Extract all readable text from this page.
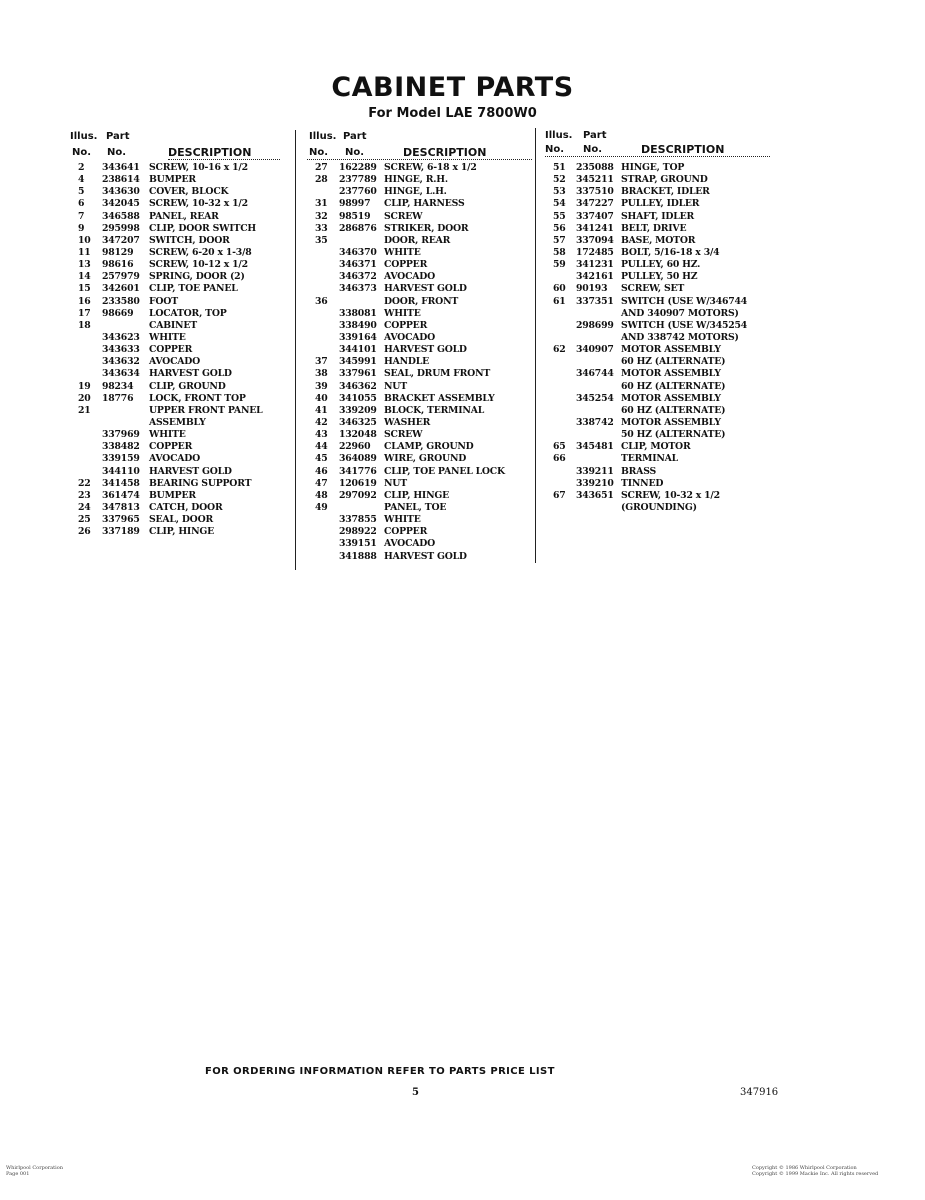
CABINET PARTS
For Model LAE 7800W0
Illus. Part
No. No.	DESCRIPTION
2 343641 SCREW, 10-16 x 1/2
4 238614 BUMPER
5 343630 COVER, BLOCK
6 342045 SCREW, 10-32 x 1/2
7 346588 PANEL, REAR
9 295998 CLIP, DOOR SWITCH
10 347207 SWITCH, DOOR
11 98129 SCREW, 6-20 x 1-3/8
13 98616 SCREW, 10-12 x 1/2
14 257979 SPRING, DOOR (2)
15 342601 CLIP, TOE PANEL
16 233580 FOOT
17 98669 LOCATOR, TOP
18	CABINET
343623 WHITE
343633 COPPER
343632 AVOCADO
343634 HARVEST GOLD
19 98234 CLIP, GROUND
20 18776 LOCK, FRONT TOP
21	UPPER FRONT PANEL
ASSEMBLY
337969 WHITE
338482 COPPER
339159 AVOCADO
344110 HARVEST GOLD
22 341458 BEARING SUPPORT
23 361474 BUMPER
24 347813 CATCH, DOOR
25 337965 SEAL, DOOR
26 337189 CLIP, HINGE
Illus. Part
No. No.	DESCRIPTION
27 162289 SCREW, 6-18 x 1/2
28 237789 HINGE, R.H.
237760 HINGE, L.H.
31 98997 CLIP, HARNESS
32 98519 SCREW
33 286876 STRIKER, DOOR
35	DOOR, REAR
346370 WHITE
346371 COPPER
346372 AVOCADO
346373 HARVEST GOLD
36	DOOR, FRONT
338081 WHITE
338490 COPPER
339164 AVOCADO
344101 HARVEST GOLD
37 345991 HANDLE
38 337961 SEAL, DRUM FRONT
39 346362 NUT
40 341055 BRACKET ASSEMBLY
41 339209 BLOCK, TERMINAL
42 346325 WASHER
43 132048 SCREW
44 22960 CLAMP, GROUND
45 364089 WIRE, GROUND
46 341776 CLIP, TOE PANEL LOCK
47 120619 NUT
48 297092 CLIP, HINGE
49	PANEL, TOE
337855 WHITE
298922 COPPER
339151 AVOCADO
341888 HARVEST GOLD
Illus. Part
No. No.	DESCRIPTION
51 235088 HINGE, TOP
52 345211 STRAP, GROUND
53 337510 BRACKET, IDLER
54 347227 PULLEY, IDLER
55 337407 SHAFT, IDLER
56 341241 BELT, DRIVE
57 337094 BASE, MOTOR
58 172485 BOLT, 5/16-18 x 3/4
59 341231 PULLEY, 60 HZ.
342161 PULLEY, 50 HZ
60 90193 SCREW, SET
61 337351 SWITCH (USE W/346744
AND 340907 MOTORS)
298699 SWITCH (USE W/345254
AND 338742 MOTORS)
62 340907 MOTOR ASSEMBLY
60 HZ (ALTERNATE)
346744 MOTOR ASSEMBLY
60 HZ (ALTERNATE)
345254 MOTOR ASSEMBLY
60 HZ (ALTERNATE)
338742 MOTOR ASSEMBLY
50 HZ (ALTERNATE)
65 345481 CLIP, MOTOR
66	TERMINAL
339211 BRASS
339210 TINNED
67 343651 SCREW, 10-32 x 1/2
(GROUNDING)
FOR ORDERING INFORMATION REFER TO PARTS PRICE LIST
5	347916
Whirlpool Corporation
Page 001
Copyright © 1986 Whirlpool Corporation
Copyright © 1999 Mackie Inc. All rights reserved
